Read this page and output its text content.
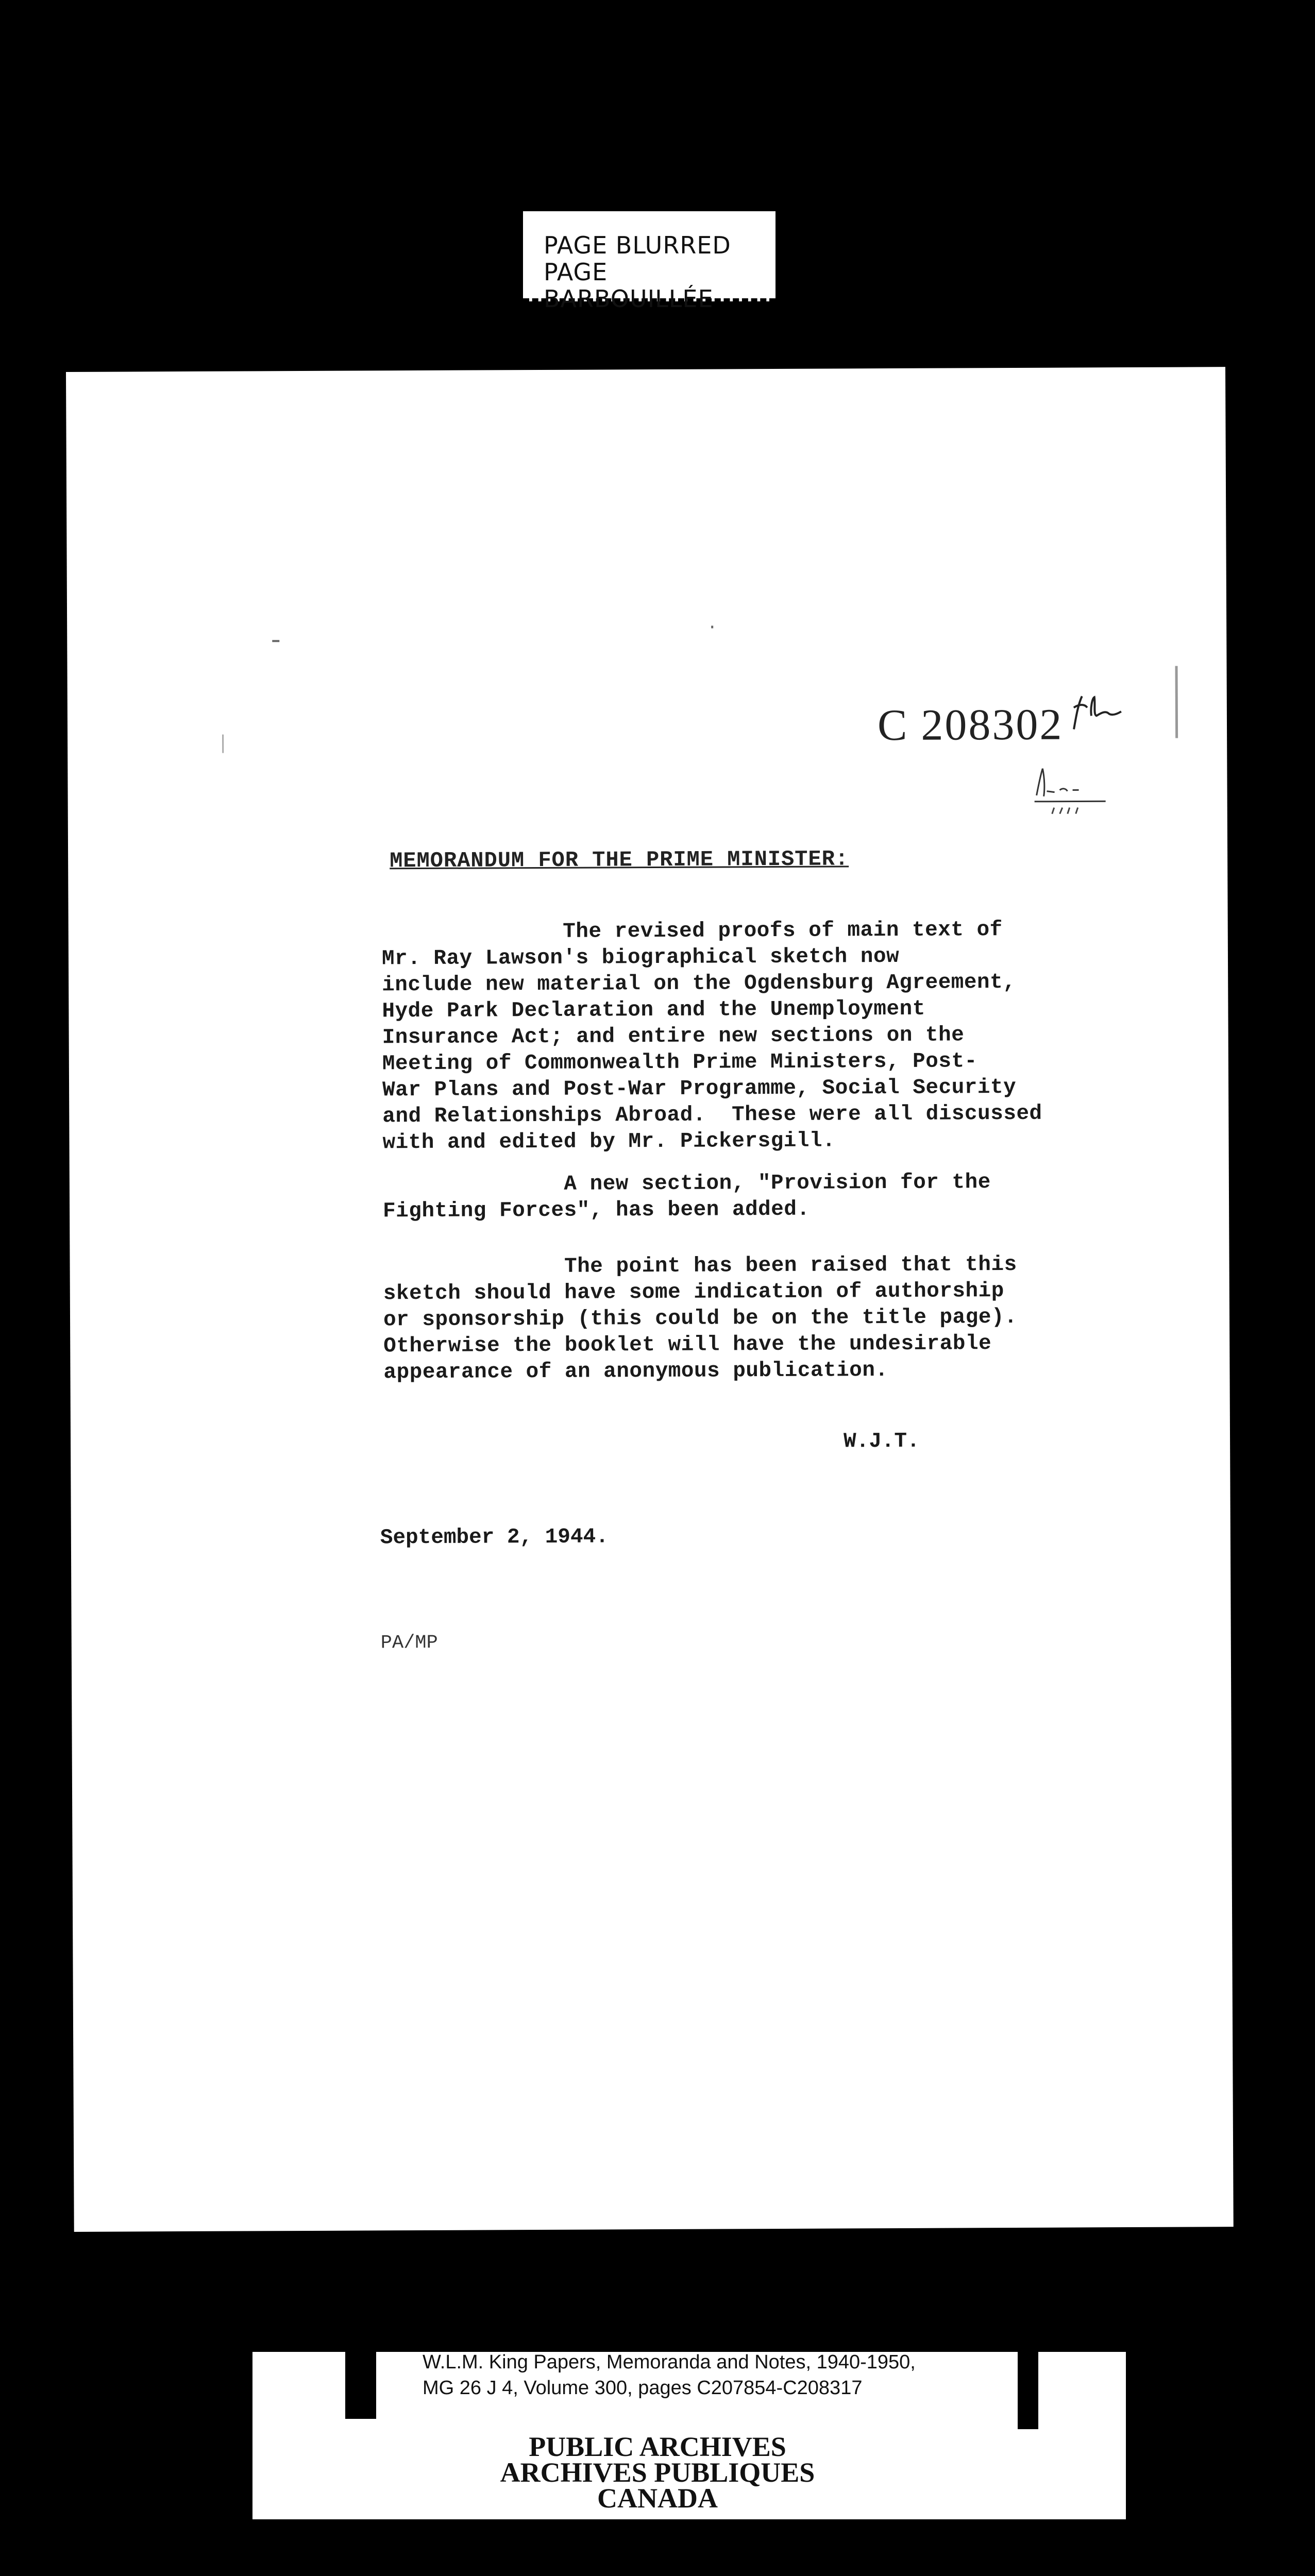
PAGE BLURRED
PAGE BARBOUILLÉE
C 208302
MEMORANDUM FOR THE PRIME MINISTER:
The revised proofs of main text of
Mr. Ray Lawson's biographical sketch now
include new material on the Ogdensburg Agreement,
Hyde Park Declaration and the Unemployment
Insurance Act; and entire new sections on the
Meeting of Commonwealth Prime Ministers, Post-
War Plans and Post-War Programme, Social Security
and Relationships Abroad.  These were all discussed
with and edited by Mr. Pickersgill.
A new section, "Provision for the
Fighting Forces", has been added.
The point has been raised that this
sketch should have some indication of authorship
or sponsorship (this could be on the title page).
Otherwise the booklet will have the undesirable
appearance of an anonymous publication.
W.J.T.
September 2, 1944.
PA/MP
W.L.M. King Papers, Memoranda and Notes, 1940-1950,
MG 26 J 4, Volume 300, pages C207854-C208317
PUBLIC ARCHIVES
ARCHIVES PUBLIQUES
CANADA
